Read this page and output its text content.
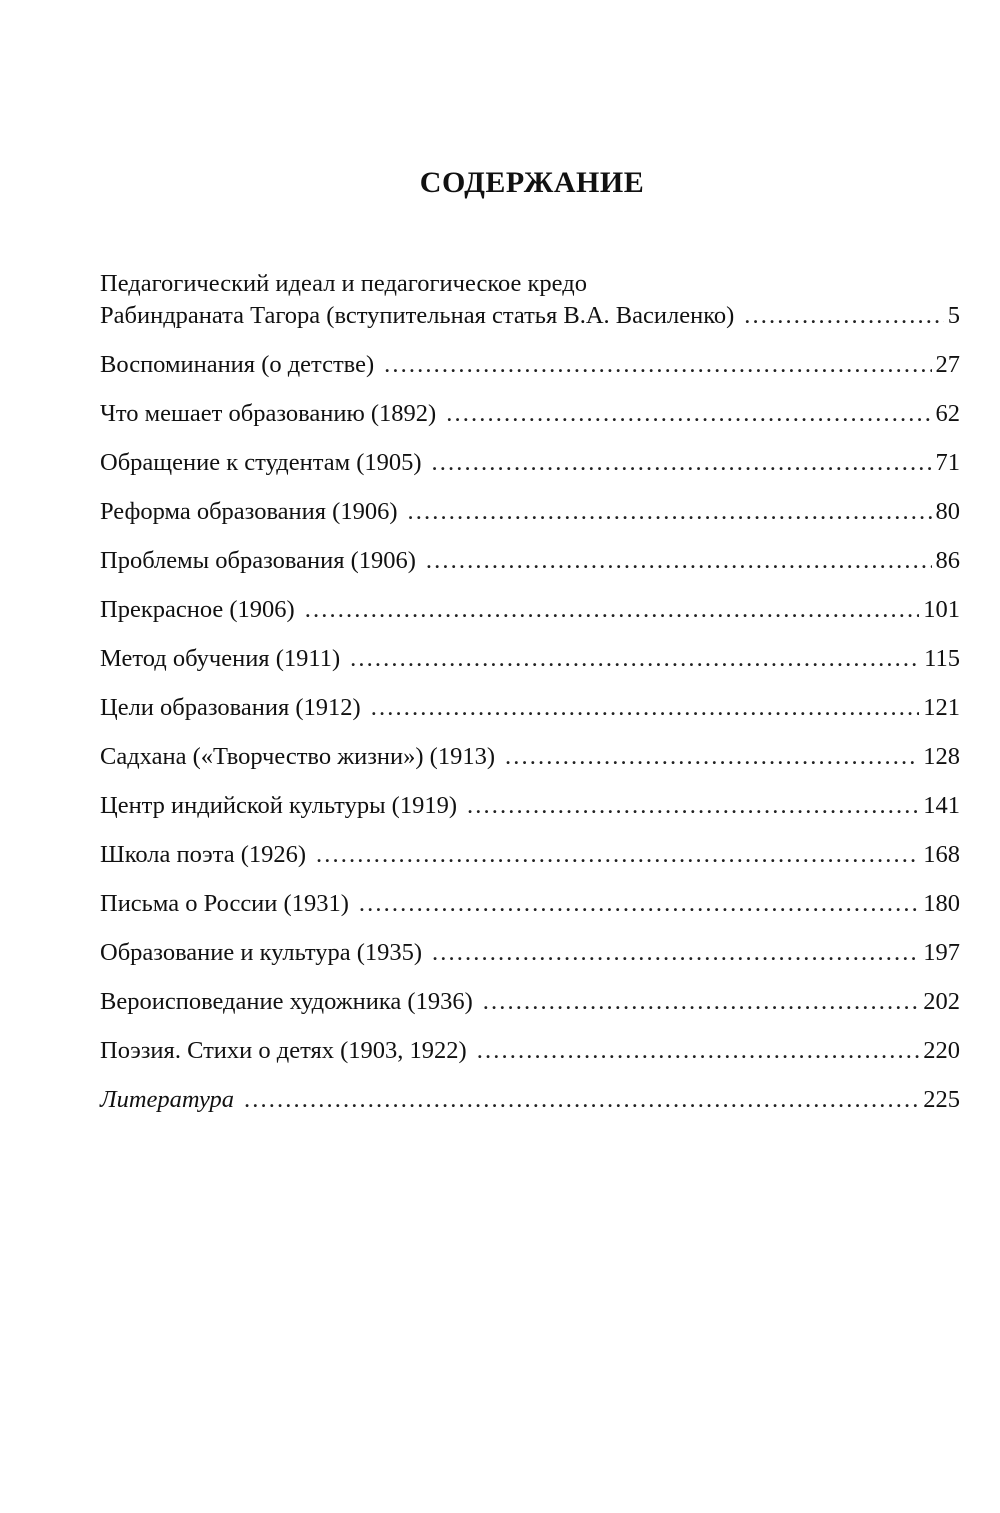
СОДЕРЖАНИЕ
Педагогический идеал и педагогическое кредо
Рабиндраната Тагора (вступительная статья В.А. Василенко) . . .	5
Воспоминания (о детстве) . . .	27
Что мешает образованию (1892) . . .	62
Обращение к студентам (1905) . . .	71
Реформа образования (1906) . . .	80
Проблемы образования (1906) . . .	86
Прекрасное (1906) . . .	101
Метод обучения (1911) . . .	115
Цели образования (1912) . . .	121
Садхана («Творчество жизни») (1913) . . .	128
Центр индийской культуры (1919) . . .	141
Школа поэта (1926) . . .	168
Письма о России (1931) . . .	180
Образование и культура (1935) . . .	197
Вероисповедание художника (1936) . . .	202
Поэзия. Стихи о детях (1903, 1922) . . .	220
Литература . . .	225
